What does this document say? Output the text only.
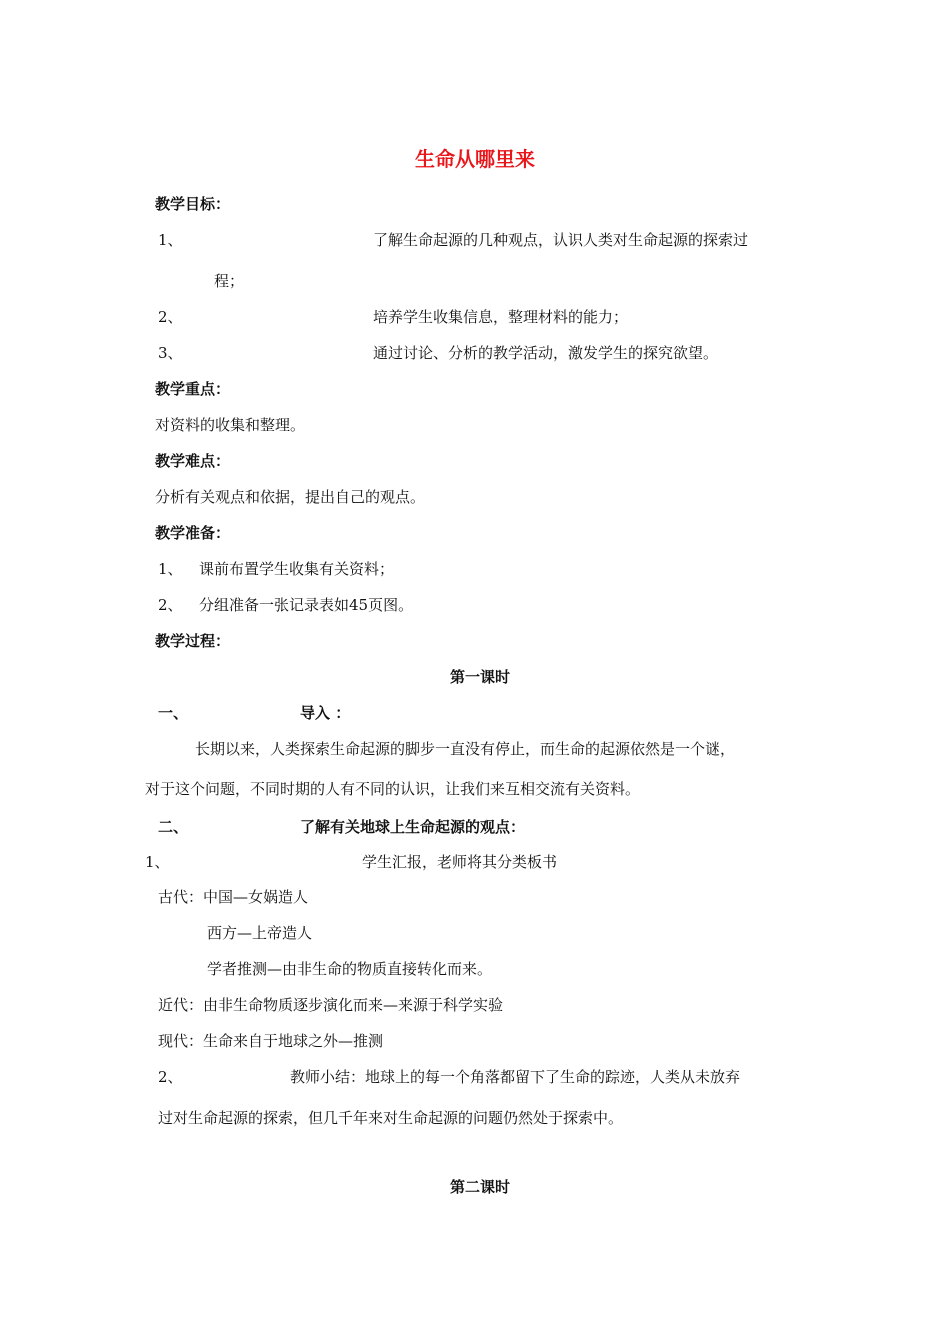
生命从哪里来
教学目标：
1、	了解生命起源的几种观点，认识人类对生命起源的探索过
程；
2、	培养学生收集信息，整理材料的能力；
3、	通过讨论、分析的教学活动，激发学生的探究欲望。
教学重点：
对资料的收集和整理。
教学难点：
分析有关观点和依据，提出自己的观点。
教学准备：
1、 课前布置学生收集有关资料；
2、 分组准备一张记录表如45页图。
教学过程：
第一课时
一、	导入 ：
长期以来，人类探索生命起源的脚步一直没有停止，而生命的起源依然是一个谜，
对于这个问题，不同时期的人有不同的认识，让我们来互相交流有关资料。
二、	了解有关地球上生命起源的观点：
1、	学生汇报，老师将其分类板书
古代：中国—女娲造人
西方—上帝造人
学者推测—由非生命的物质直接转化而来。
近代：由非生命物质逐步演化而来—来源于科学实验
现代：生命来自于地球之外—推测
2、	教师小结：地球上的每一个角落都留下了生命的踪迹，人类从未放弃
过对生命起源的探索，但几千年来对生命起源的问题仍然处于探索中。
第二课时
